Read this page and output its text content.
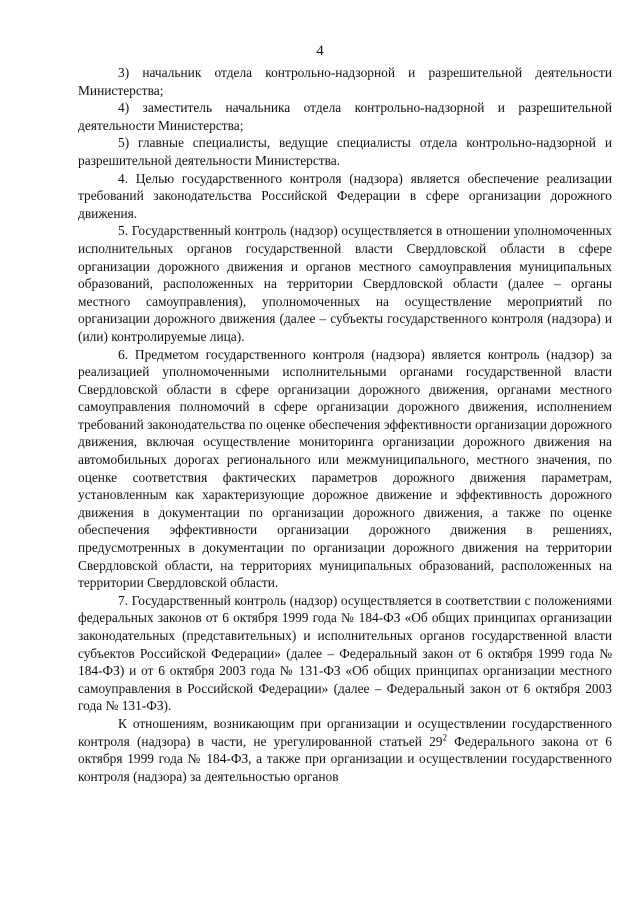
4

3) начальник отдела контрольно-надзорной и разрешительной деятельности Министерства;

4) заместитель начальника отдела контрольно-надзорной и разрешительной деятельности Министерства;

5) главные специалисты, ведущие специалисты отдела контрольно-надзорной и разрешительной деятельности Министерства.

4. Целью государственного контроля (надзора) является обеспечение реализации требований законодательства Российской Федерации в сфере организации дорожного движения.

5. Государственный контроль (надзор) осуществляется в отношении уполномоченных исполнительных органов государственной власти Свердловской области в сфере организации дорожного движения и органов местного самоуправления муниципальных образований, расположенных на территории Свердловской области (далее – органы местного самоуправления), уполномоченных на осуществление мероприятий по организации дорожного движения (далее – субъекты государственного контроля (надзора) и (или) контролируемые лица).

6. Предметом государственного контроля (надзора) является контроль (надзор) за реализацией уполномоченными исполнительными органами государственной власти Свердловской области в сфере организации дорожного движения, органами местного самоуправления полномочий в сфере организации дорожного движения, исполнением требований законодательства по оценке обеспечения эффективности организации дорожного движения, включая осуществление мониторинга организации дорожного движения на автомобильных дорогах регионального или межмуниципального, местного значения, по оценке соответствия фактических параметров дорожного движения параметрам, установленным как характеризующие дорожное движение и эффективность дорожного движения в документации по организации дорожного движения, а также по оценке обеспечения эффективности организации дорожного движения в решениях, предусмотренных в документации по организации дорожного движения на территории Свердловской области, на территориях муниципальных образований, расположенных на территории Свердловской области.

7. Государственный контроль (надзор) осуществляется в соответствии с положениями федеральных законов от 6 октября 1999 года № 184-ФЗ «Об общих принципах организации законодательных (представительных) и исполнительных органов государственной власти субъектов Российской Федерации» (далее – Федеральный закон от 6 октября 1999 года № 184-ФЗ) и от 6 октября 2003 года № 131-ФЗ «Об общих принципах организации местного самоуправления в Российской Федерации» (далее – Федеральный закон от 6 октября 2003 года № 131-ФЗ).

К отношениям, возникающим при организации и осуществлении государственного контроля (надзора) в части, не урегулированной статьей $29^2$ Федерального закона от 6 октября 1999 года № 184-ФЗ, а также при организации и осуществлении государственного контроля (надзора) за деятельностью органов
